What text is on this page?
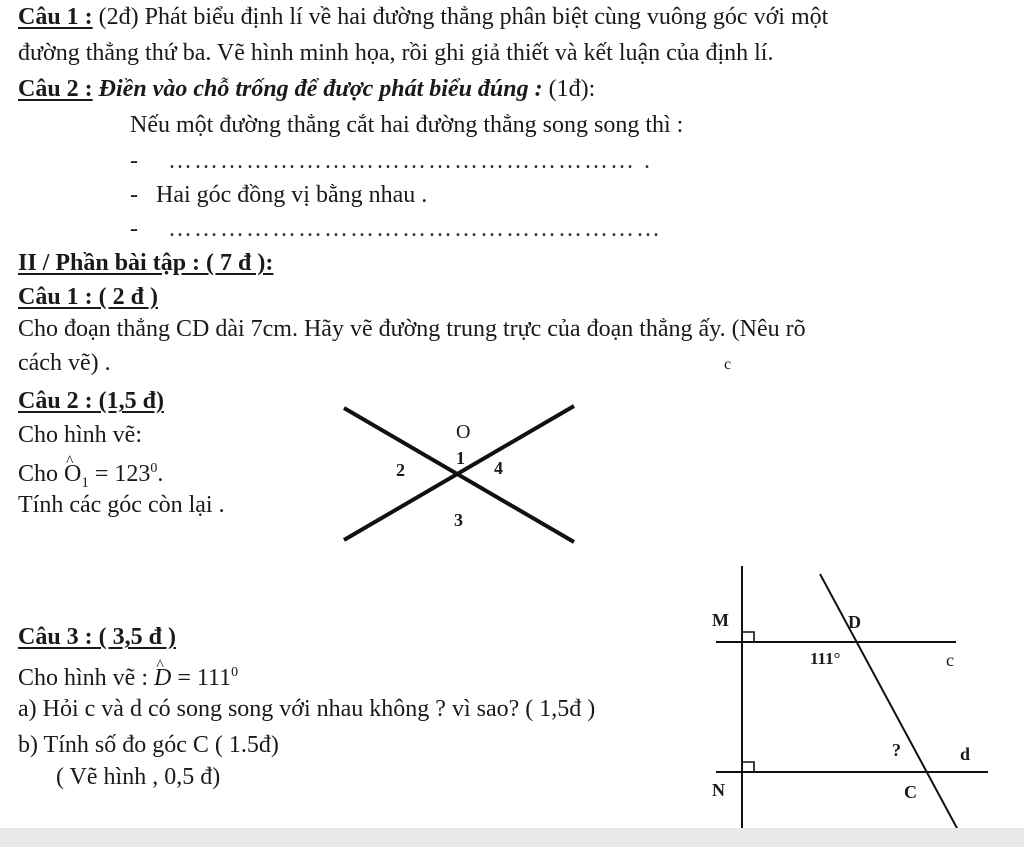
Câu 1 : (2đ) Phát biểu định lí về hai đường thẳng phân biệt cùng vuông góc với một
đường thẳng thứ ba. Vẽ hình minh họa, rồi ghi giả thiết và kết luận của định lí.
Câu 2 : Điền vào chỗ trống để được phát biểu đúng : (1đ):
Nếu một đường thẳng cắt hai đường thẳng song song thì :
-     ……………………………………………… .
-   Hai góc đồng vị bằng nhau .
-     …………………………………………………
II / Phần bài tập : ( 7 đ ):
Câu 1 : ( 2 đ )
Cho đoạn thẳng CD dài 7cm. Hãy vẽ đường trung trực của đoạn thẳng ấy. (Nêu rõ
cách vẽ) .	c
Câu 2 : (1,5 đ)
Cho hình vẽ:
Cho ^ $O_1 = 123^0$.
Tính các góc còn lại .
O
1
2
3
4
Câu 3 : ( 3,5 đ )
Cho hình vẽ : ^ $D = 111^0$
a) Hỏi c và d có song song với nhau không ? vì sao? ( 1,5đ )
b) Tính số đo góc C ( 1.5đ)
( Vẽ hình , 0,5 đ)
M
N
D
C
c
d
111°
?
